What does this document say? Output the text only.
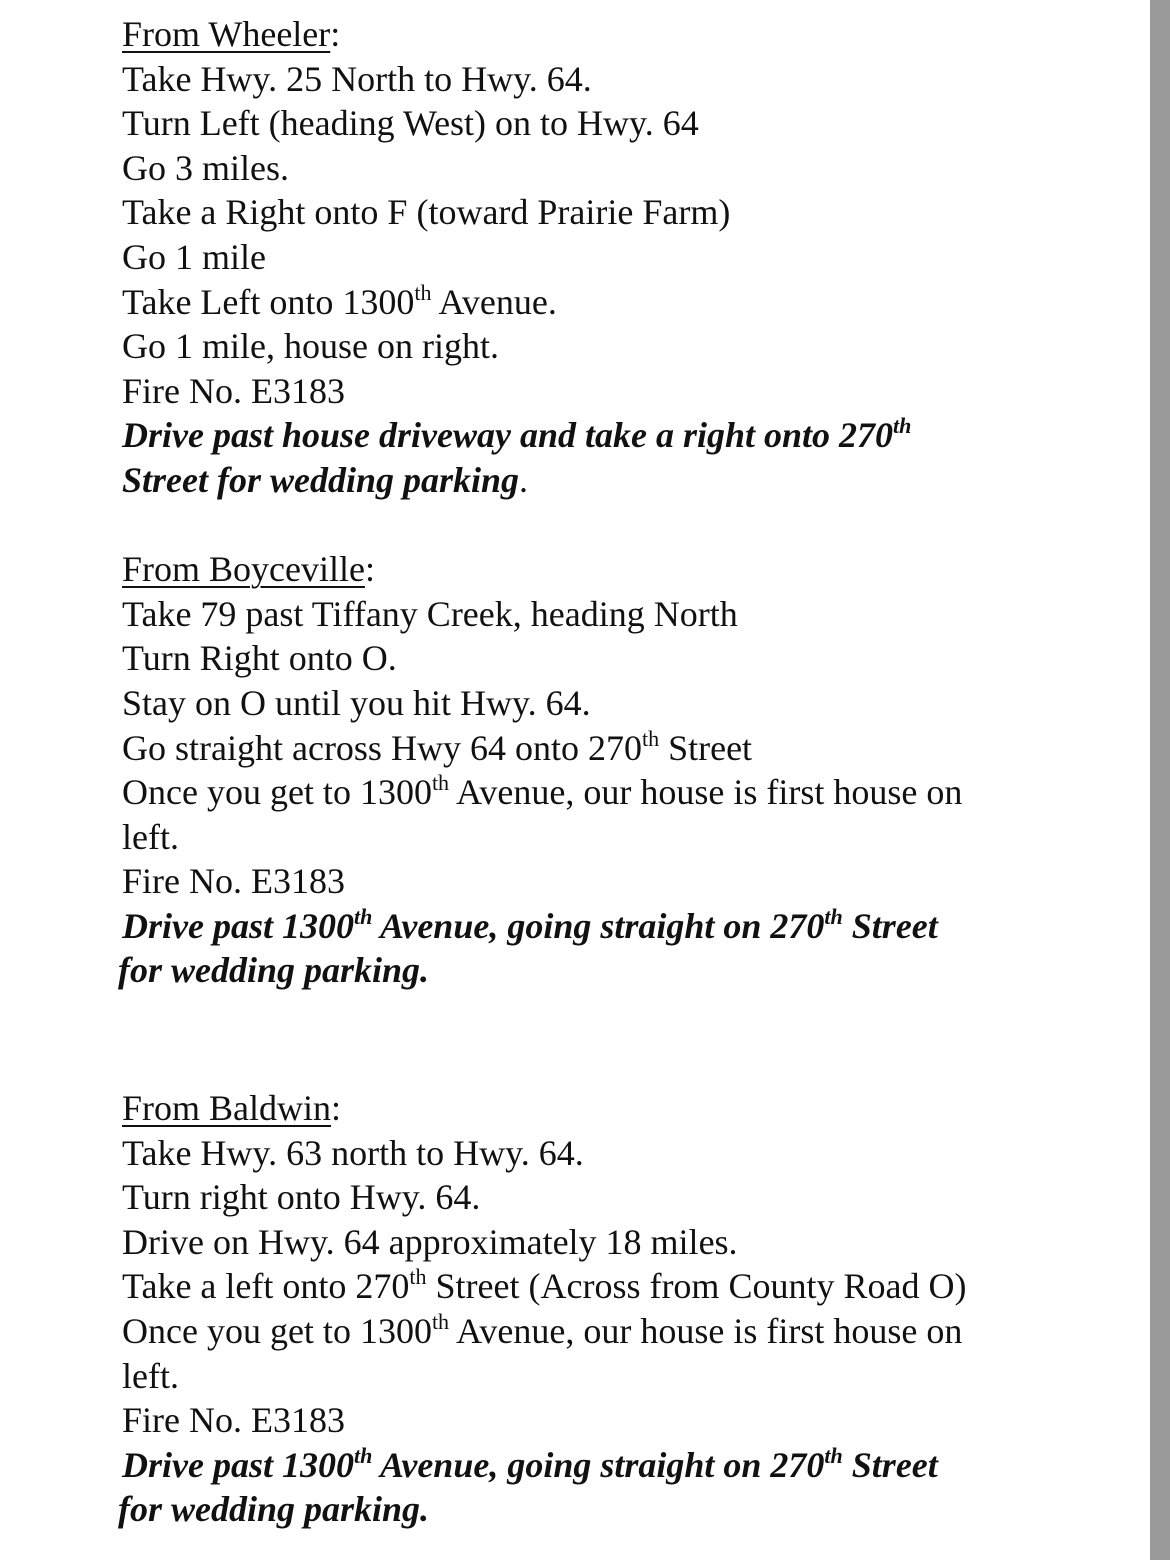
From Wheeler:
Take Hwy. 25 North to Hwy. 64.
Turn Left (heading West) on to Hwy. 64
Go 3 miles.
Take a Right onto F (toward Prairie Farm)
Go 1 mile
Take Left onto 1300th Avenue.
Go 1 mile, house on right.
Fire No. E3183
Drive past house driveway and take a right onto 270th
Street for wedding parking.
From Boyceville:
Take 79 past Tiffany Creek, heading North
Turn Right onto O.
Stay on O until you hit Hwy. 64.
Go straight across Hwy 64 onto 270th Street
Once you get to 1300th Avenue, our house is first house on
left.
Fire No. E3183
Drive past 1300th Avenue, going straight on 270th Street
for wedding parking.
From Baldwin:
Take Hwy. 63 north to Hwy. 64.
Turn right onto Hwy. 64.
Drive on Hwy. 64 approximately 18 miles.
Take a left onto 270th Street (Across from County Road O)
Once you get to 1300th Avenue, our house is first house on
left.
Fire No. E3183
Drive past 1300th Avenue, going straight on 270th Street
for wedding parking.
